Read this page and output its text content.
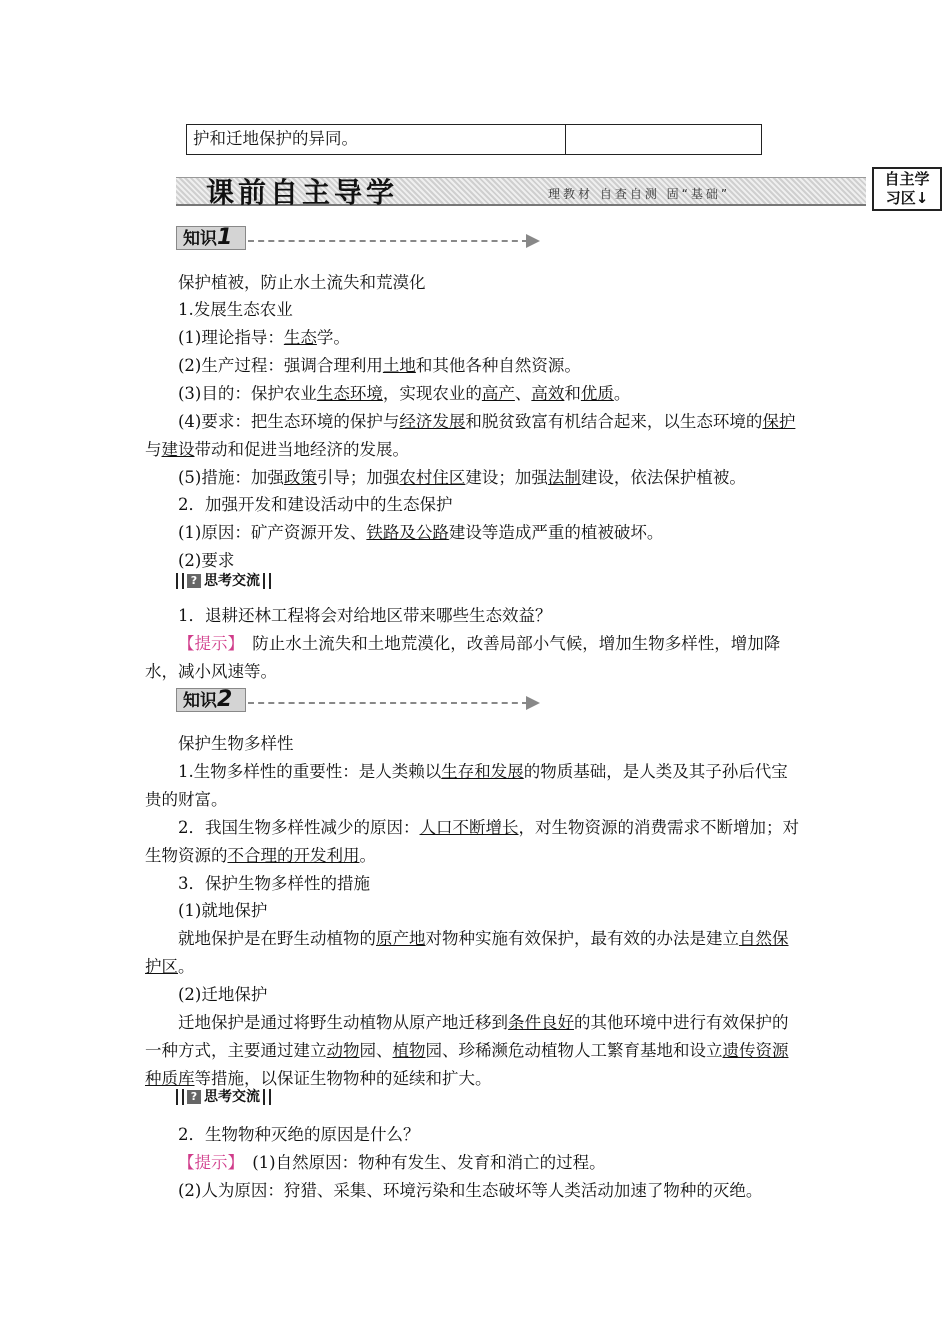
护和迁地保护的异同。
课前自主导学	理教材 自查自测 固“基础”
自主学
习区↓
知识1
知识2
? 思考交流
? 思考交流
保护植被，防止水土流失和荒漠化
1.发展生态农业
(1)理论指导：生态学。
(2)生产过程：强调合理利用土地和其他各种自然资源。
(3)目的：保护农业生态环境，实现农业的高产、高效和优质。
(4)要求：把生态环境的保护与经济发展和脱贫致富有机结合起来，以生态环境的保护
与建设带动和促进当地经济的发展。
(5)措施：加强政策引导；加强农村住区建设；加强法制建设，依法保护植被。
2．加强开发和建设活动中的生态保护
(1)原因：矿产资源开发、铁路及公路建设等造成严重的植被破坏。
(2)要求
1．退耕还林工程将会对给地区带来哪些生态效益？
【提示】　防止水土流失和土地荒漠化，改善局部小气候，增加生物多样性，增加降
水，减小风速等。
保护生物多样性
1.生物多样性的重要性：是人类赖以生存和发展的物质基础，是人类及其子孙后代宝
贵的财富。
2．我国生物多样性减少的原因：人口不断增长，对生物资源的消费需求不断增加；对
生物资源的不合理的开发利用。
3．保护生物多样性的措施
(1)就地保护
就地保护是在野生动植物的原产地对物种实施有效保护，最有效的办法是建立自然保
护区。
(2)迁地保护
迁地保护是通过将野生动植物从原产地迁移到条件良好的其他环境中进行有效保护的
一种方式，主要通过建立动物园、植物园、珍稀濒危动植物人工繁育基地和设立遗传资源
种质库等措施，以保证生物物种的延续和扩大。
2．生物物种灭绝的原因是什么？
【提示】　(1)自然原因：物种有发生、发育和消亡的过程。
(2)人为原因：狩猎、采集、环境污染和生态破坏等人类活动加速了物种的灭绝。
